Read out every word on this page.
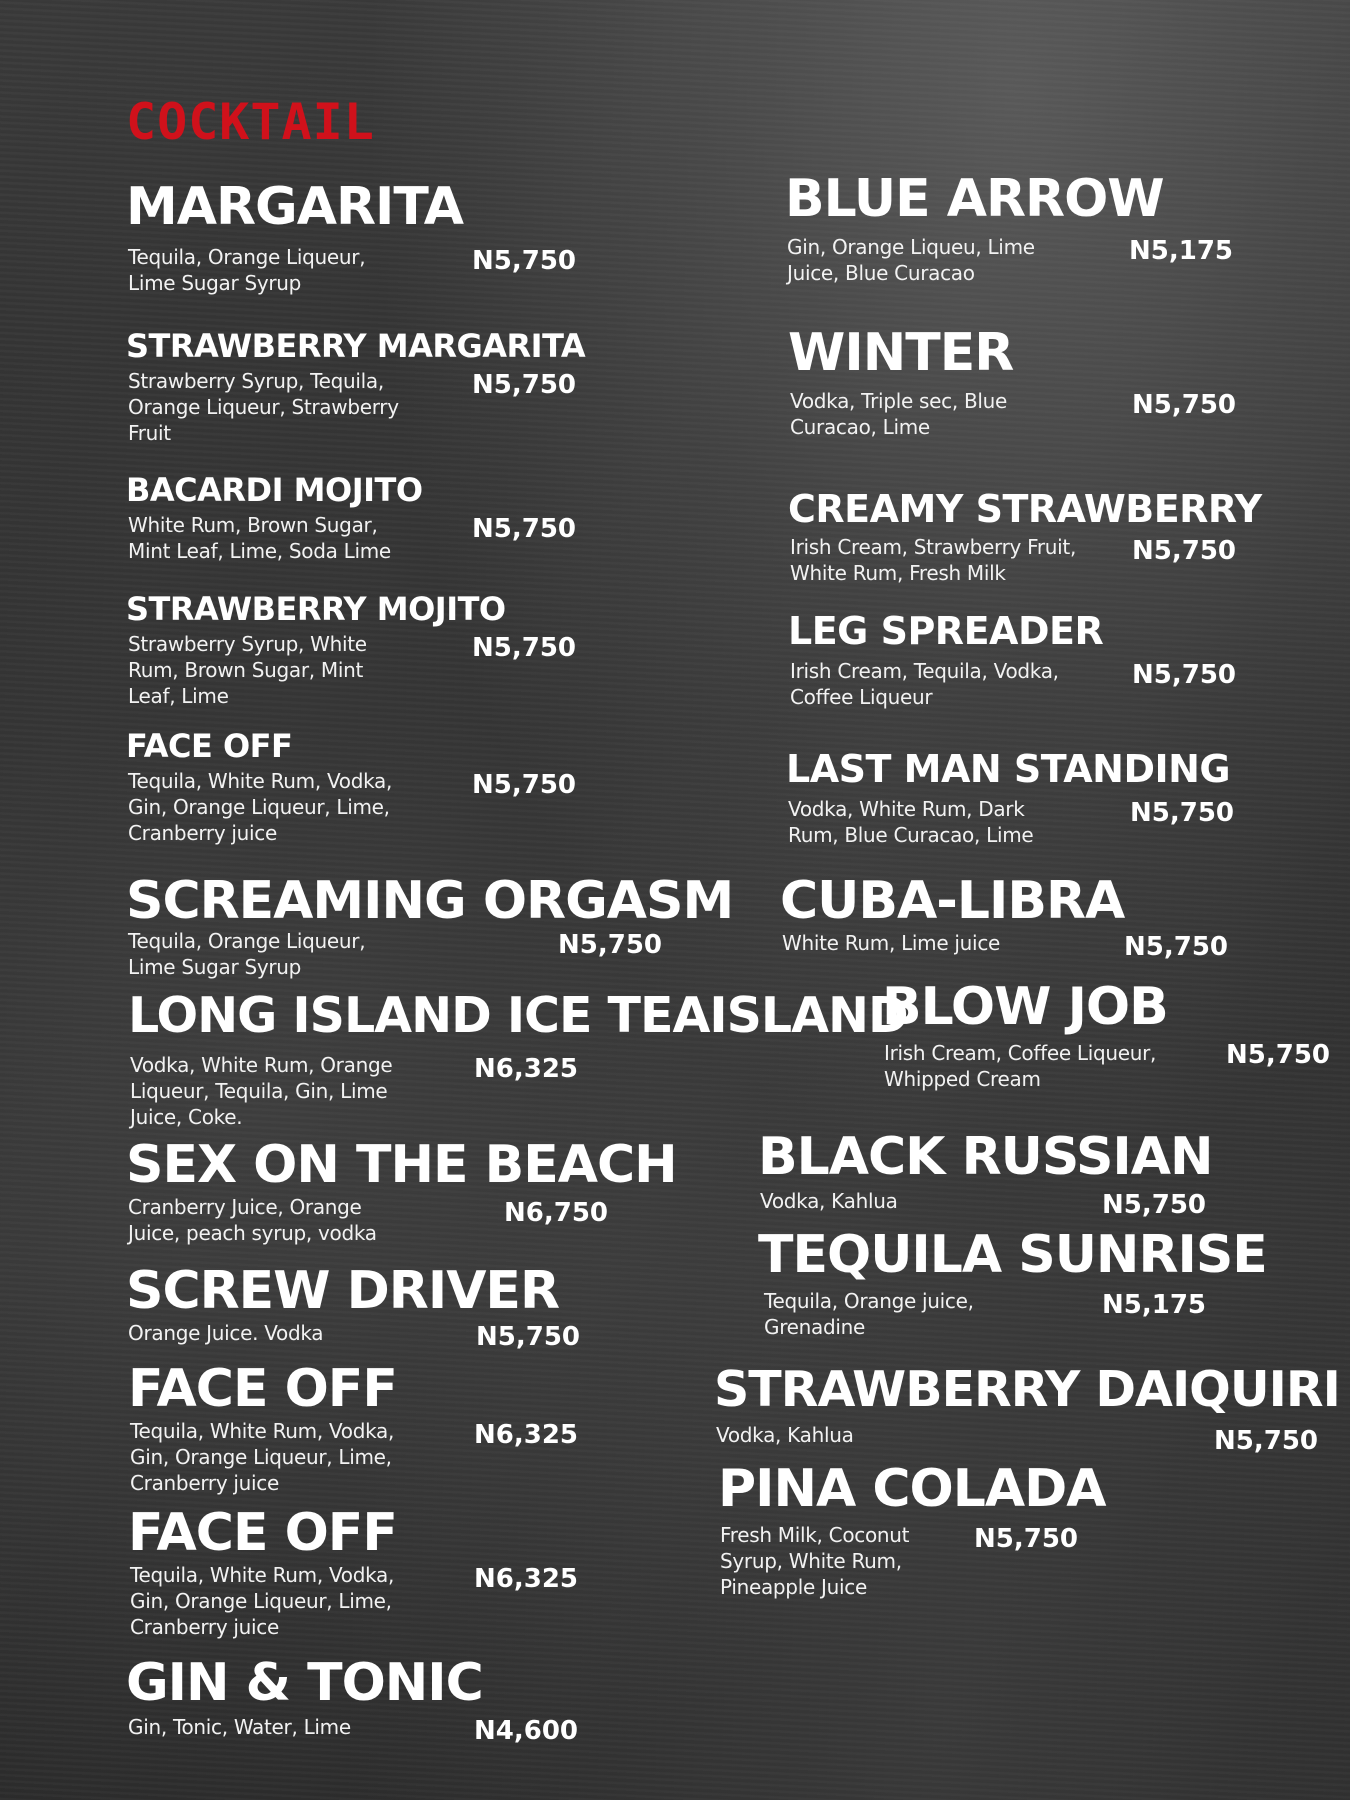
COCKTAIL
MARGARITA

Tequila, Orange Liqueur, Lime Sugar Syrup

N5,750

STRAWBERRY MARGARITA

Strawberry Syrup, Tequila, Orange Liqueur, Strawberry Fruit

N5,750

BACARDI MOJITO

White Rum, Brown Sugar, Mint Leaf, Lime, Soda Lime

N5,750

STRAWBERRY MOJITO

Strawberry Syrup, White Rum, Brown Sugar, Mint Leaf, Lime

N5,750

FACE OFF

Tequila, White Rum, Vodka, Gin, Orange Liqueur, Lime, Cranberry juice

N5,750

SCREAMING ORGASM

Tequila, Orange Liqueur, Lime Sugar Syrup

N5,750

LONG ISLAND ICE TEAISLAND

Vodka, White Rum, Orange Liqueur, Tequila, Gin, Lime Juice, Coke.

N6,325

SEX ON THE BEACH

Cranberry Juice, Orange Juice, peach syrup, vodka

N6,750

SCREW DRIVER

Orange Juice. Vodka	N5,750

FACE OFF

Tequila, White Rum, Vodka, Gin, Orange Liqueur, Lime, Cranberry juice

N6,325

FACE OFF

Tequila, White Rum, Vodka, Gin, Orange Liqueur, Lime, Cranberry juice

N6,325

GIN & TONIC

Gin, Tonic, Water, Lime	N4,600

BLUE ARROW

Gin, Orange Liqueu, Lime Juice, Blue Curacao

N5,175

WINTER

Vodka, Triple sec, Blue Curacao, Lime

N5,750

CREAMY STRAWBERRY

Irish Cream, Strawberry Fruit, White Rum, Fresh Milk

N5,750

LEG SPREADER

Irish Cream, Tequila, Vodka, Coffee Liqueur

N5,750

LAST MAN STANDING

Vodka, White Rum, Dark Rum, Blue Curacao, Lime

N5,750

CUBA-LIBRA

White Rum, Lime juice	N5,750

BLOW JOB

Irish Cream, Coffee Liqueur, Whipped Cream

N5,750

BLACK RUSSIAN

Vodka, Kahlua	N5,750

TEQUILA SUNRISE

Tequila, Orange juice, Grenadine

N5,175

STRAWBERRY DAIQUIRI

Vodka, Kahlua	N5,750

PINA COLADA

Fresh Milk, Coconut Syrup, White Rum, Pineapple Juice

N5,750
